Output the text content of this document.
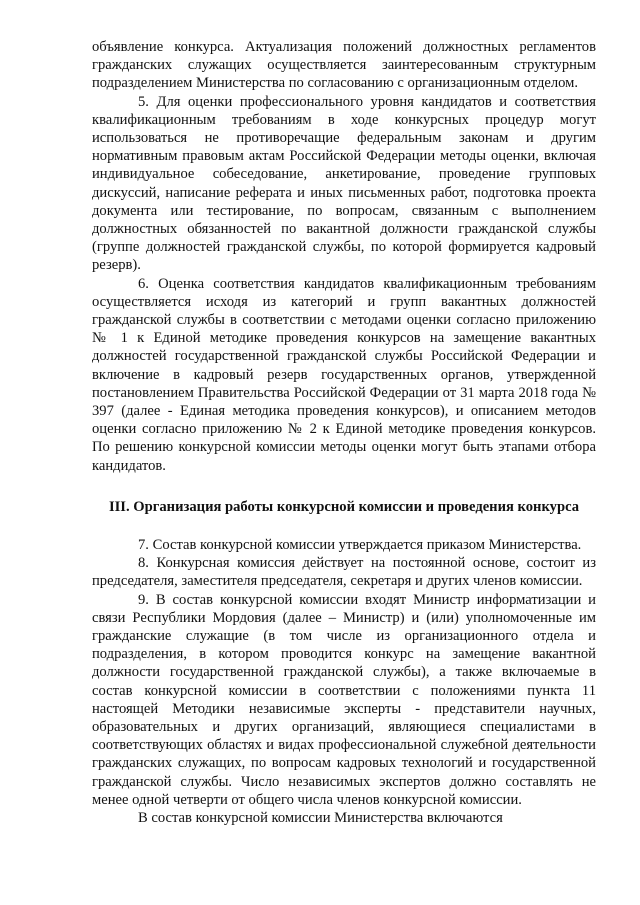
объявление конкурса. Актуализация положений должностных регламентов гражданских служащих осуществляется заинтересованным структурным подразделением Министерства по согласованию с организационным отделом.

5. Для оценки профессионального уровня кандидатов и соответствия квалификационным требованиям в ходе конкурсных процедур могут использоваться не противоречащие федеральным законам и другим нормативным правовым актам Российской Федерации методы оценки, включая индивидуальное собеседование, анкетирование, проведение групповых дискуссий, написание реферата и иных письменных работ, подготовка проекта документа или тестирование, по вопросам, связанным с выполнением должностных обязанностей по вакантной должности гражданской службы (группе должностей гражданской службы, по которой формируется кадровый резерв).

6. Оценка соответствия кандидатов квалификационным требованиям осуществляется исходя из категорий и групп вакантных должностей гражданской службы в соответствии с методами оценки согласно приложению № 1 к Единой методике проведения конкурсов на замещение вакантных должностей государственной гражданской службы Российской Федерации и включение в кадровый резерв государственных органов, утвержденной постановлением Правительства Российской Федерации от 31 марта 2018 года № 397 (далее - Единая методика проведения конкурсов), и описанием методов оценки согласно приложению № 2 к Единой методике проведения конкурсов. По решению конкурсной комиссии методы оценки могут быть этапами отбора кандидатов.

III. Организация работы конкурсной комиссии и проведения конкурса

7. Состав конкурсной комиссии утверждается приказом Министерства.

8. Конкурсная комиссия действует на постоянной основе, состоит из председателя, заместителя председателя, секретаря и других членов комиссии.

9. В состав конкурсной комиссии входят Министр информатизации и связи Республики Мордовия (далее – Министр) и (или) уполномоченные им гражданские служащие (в том числе из организационного отдела и подразделения, в котором проводится конкурс на замещение вакантной должности государственной гражданской службы), а также включаемые в состав конкурсной комиссии в соответствии с положениями пункта 11 настоящей Методики независимые эксперты - представители научных, образовательных и других организаций, являющиеся специалистами в соответствующих областях и видах профессиональной служебной деятельности гражданских служащих, по вопросам кадровых технологий и государственной гражданской службы. Число независимых экспертов должно составлять не менее одной четверти от общего числа членов конкурсной комиссии.

В состав конкурсной комиссии Министерства включаются
